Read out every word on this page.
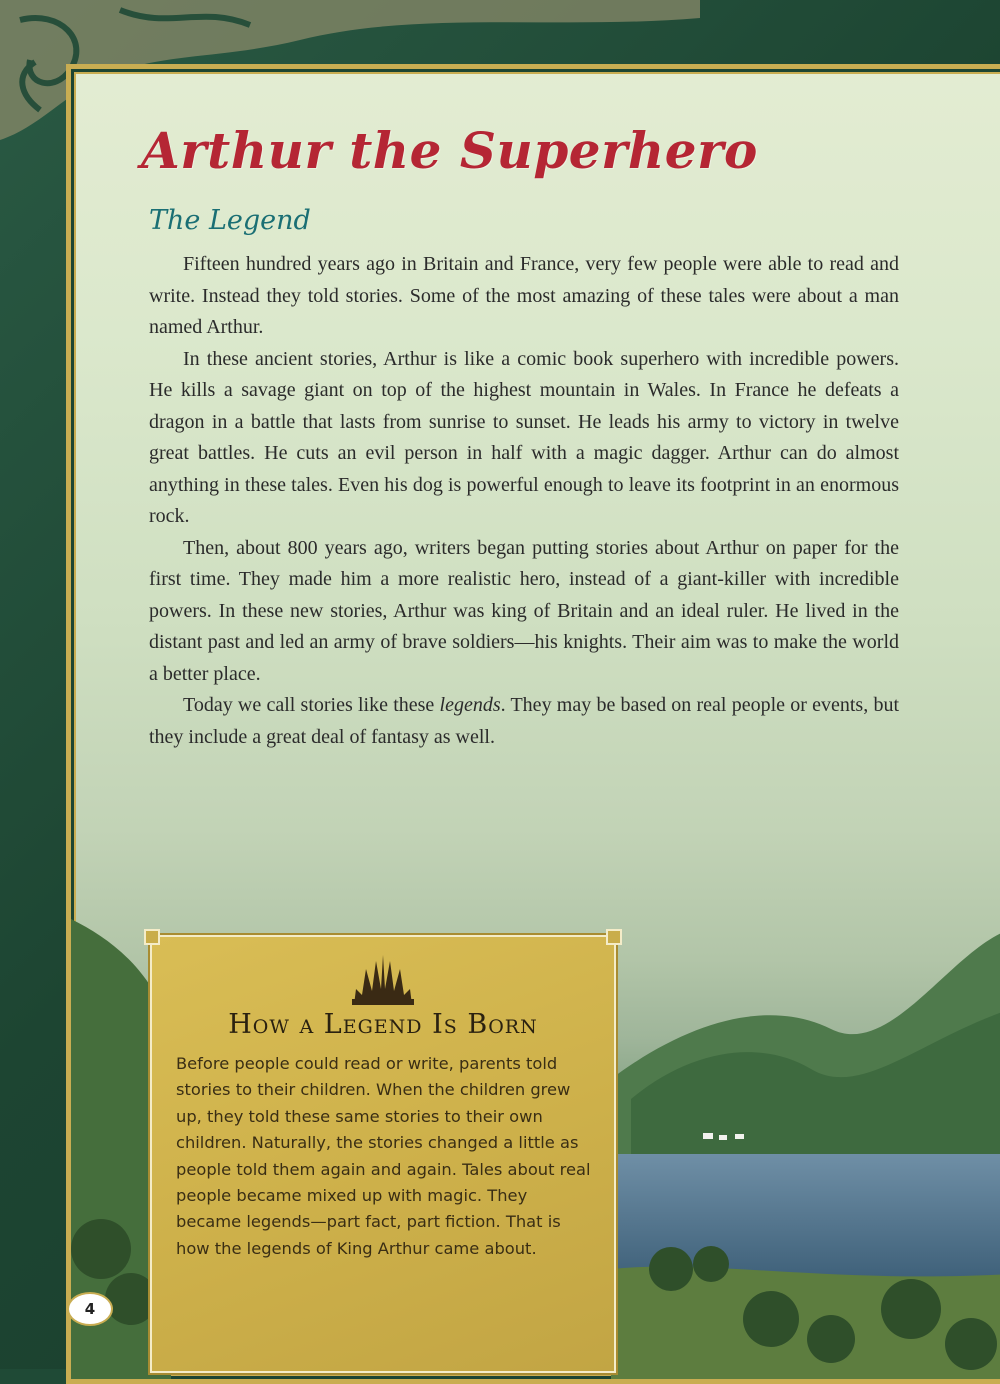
Arthur the Superhero
The Legend

Fifteen hundred years ago in Britain and France, very few people were able to read and write. Instead they told stories. Some of the most amazing of these tales were about a man named Arthur.

In these ancient stories, Arthur is like a comic book superhero with incredible powers. He kills a savage giant on top of the highest mountain in Wales. In France he defeats a dragon in a battle that lasts from sunrise to sunset. He leads his army to victory in twelve great battles. He cuts an evil person in half with a magic dagger. Arthur can do almost anything in these tales. Even his dog is powerful enough to leave its footprint in an enormous rock.

Then, about 800 years ago, writers began putting stories about Arthur on paper for the first time. They made him a more realistic hero, instead of a giant-killer with incredible powers. In these new stories, Arthur was king of Britain and an ideal ruler. He lived in the distant past and led an army of brave soldiers—his knights. Their aim was to make the world a better place.

Today we call stories like these legends. They may be based on real people or events, but they include a great deal of fantasy as well.

How a Legend Is Born

Before people could read or write, parents told stories to their children. When the children grew up, they told these same stories to their own children. Naturally, the stories changed a little as people told them again and again. Tales about real people became mixed up with magic. They became legends—part fact, part fiction. That is how the legends of King Arthur came about.

4
